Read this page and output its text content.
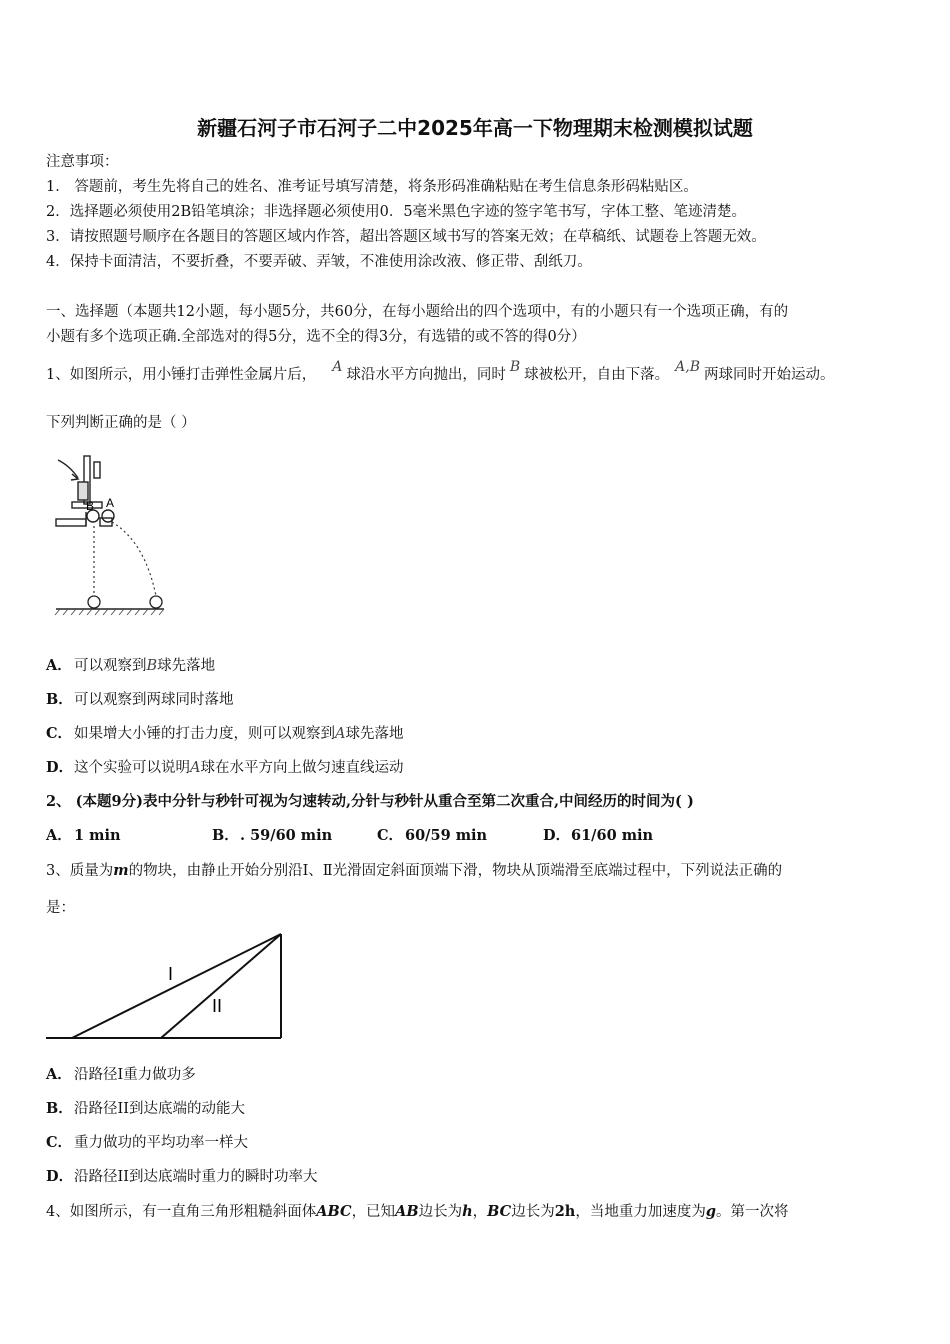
新疆石河子市石河子二中2025年高一下物理期末检测模拟试题
注意事项：
1． 答题前，考生先将自己的姓名、准考证号填写清楚，将条形码准确粘贴在考生信息条形码粘贴区。
2．选择题必须使用2B铅笔填涂；非选择题必须使用0．5毫米黑色字迹的签字笔书写，字体工整、笔迹清楚。
3．请按照题号顺序在各题目的答题区域内作答，超出答题区域书写的答案无效；在草稿纸、试题卷上答题无效。
4．保持卡面清洁，不要折叠，不要弄破、弄皱，不准使用涂改液、修正带、刮纸刀。
一、选择题（本题共12小题，每小题5分，共60分，在每小题给出的四个选项中，有的小题只有一个选项正确，有的
小题有多个选项正确.全部选对的得5分，选不全的得3分，有选错的或不答的得0分）
1、如图所示，用小锤打击弹性金属片后， A 球沿水平方向抛出，同时 B 球被松开，自由下落。 A,B 两球同时开始运动。
下列判断正确的是（ ）
B A
A． 可以观察到B球先落地
B．可以观察到两球同时落地
C． 如果增大小锤的打击力度，则可以观察到A球先落地
D．这个实验可以说明A球在水平方向上做匀速直线运动
2、 (本题9分)表中分针与秒针可视为匀速转动,分针与秒针从重合至第二次重合,中间经历的时间为( )
A． 1 min	B．. 59/60 min	C． 60/59 min	D．61/60 min
3、质量为m的物块，由静止开始分别沿Ⅰ、Ⅱ光滑固定斜面顶端下滑，物块从顶端滑至底端过程中，下列说法正确的
是：
I
II
A． 沿路径Ⅰ重力做功多
B．沿路径II到达底端的动能大
C． 重力做功的平均功率一样大
D．沿路径II到达底端时重力的瞬时功率大
4、如图所示，有一直角三角形粗糙斜面体ABC，已知AB边长为h，BC边长为2h，当地重力加速度为g。第一次将
